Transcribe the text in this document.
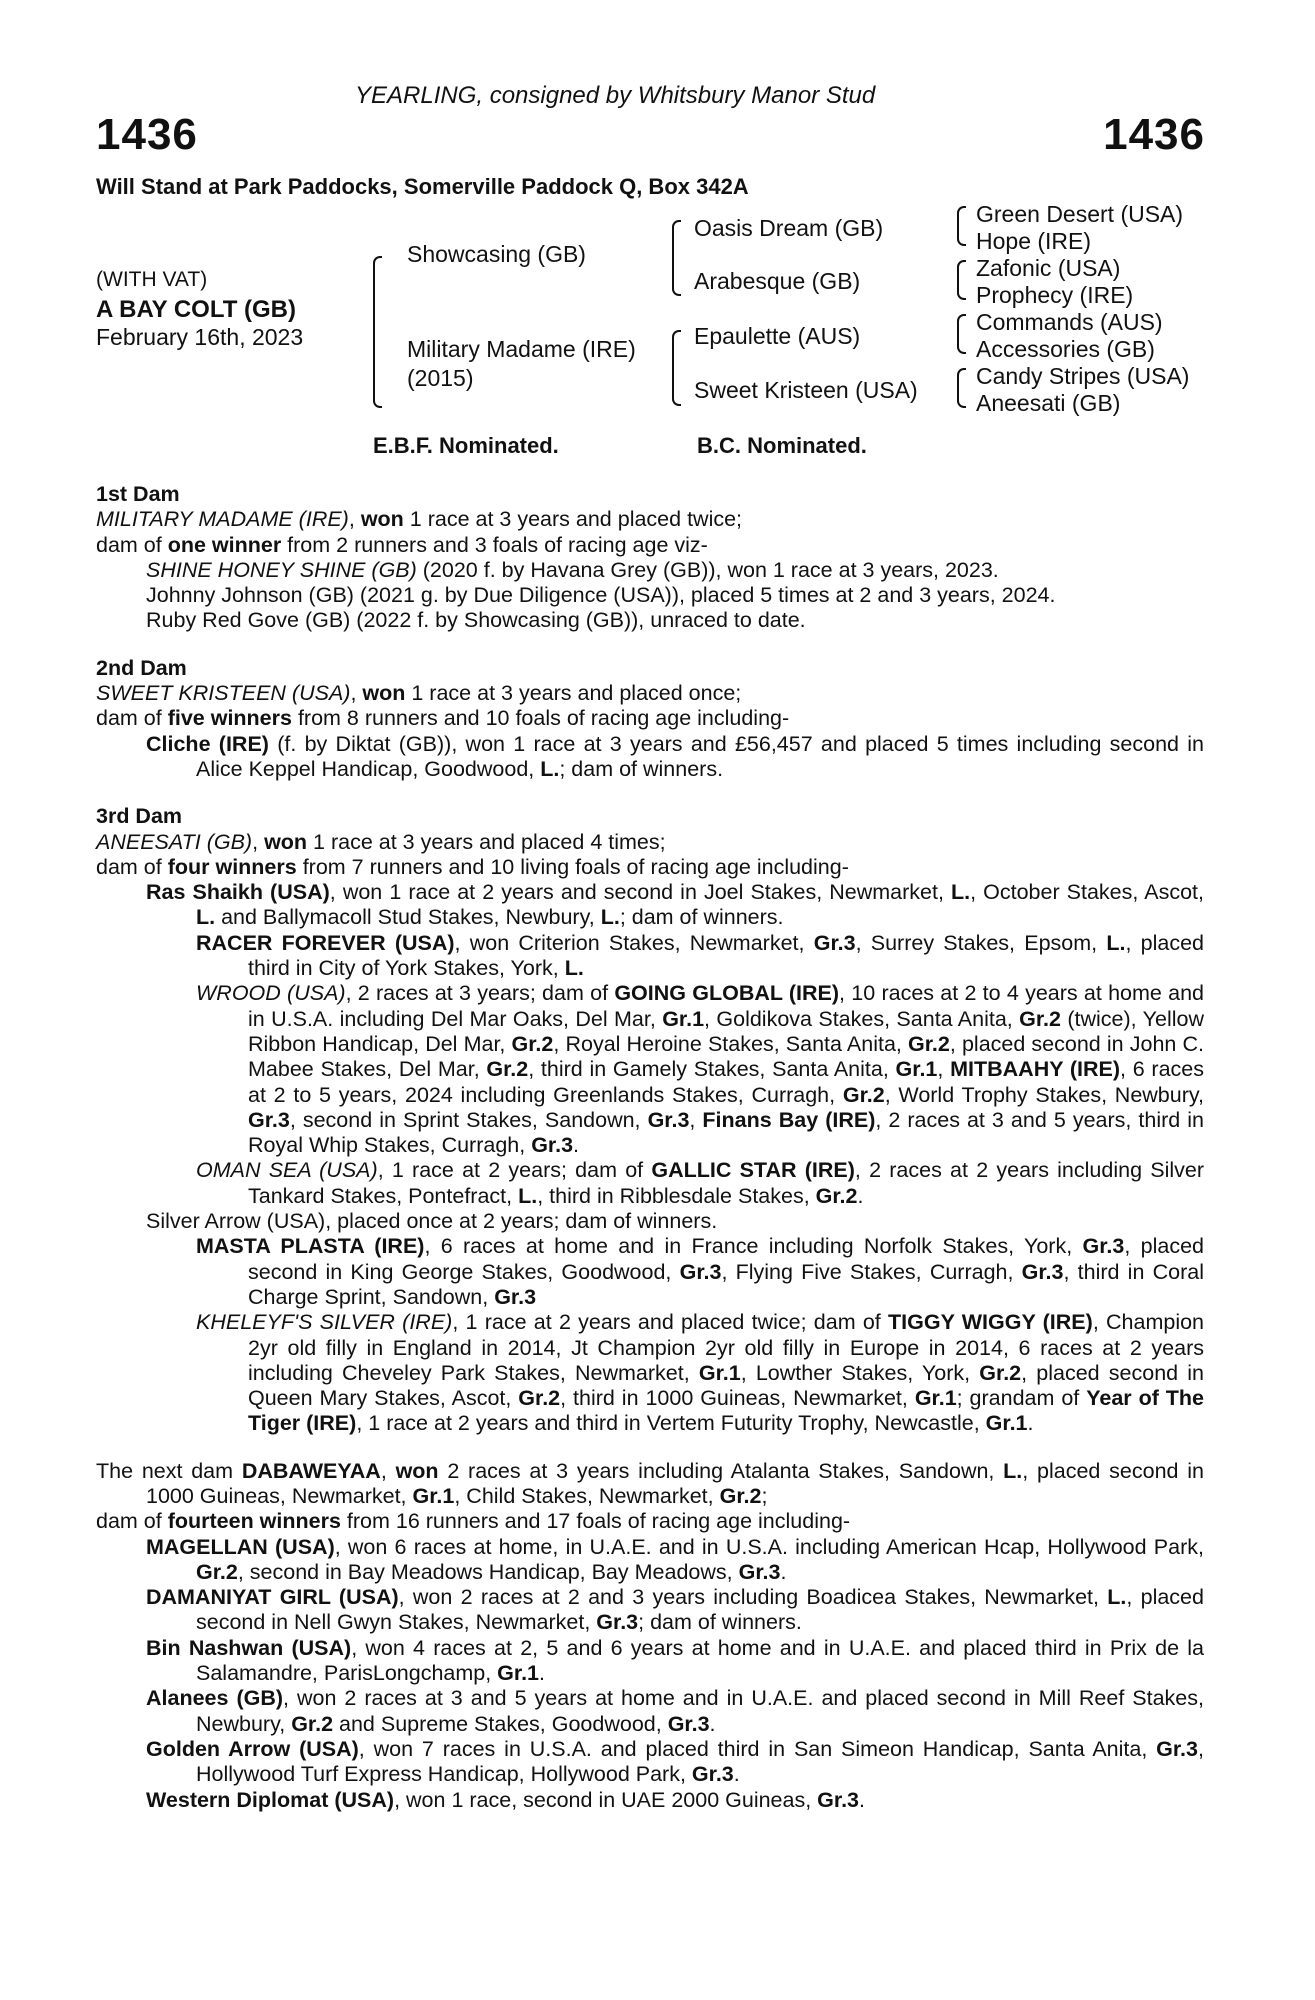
YEARLING, consigned by Whitsbury Manor Stud
1436	1436
Will Stand at Park Paddocks, Somerville Paddock Q, Box 342A
(WITH VAT)
A BAY COLT (GB)
February 16th, 2023
Showcasing (GB)
Military Madame (IRE)
(2015)
Oasis Dream (GB)
Arabesque (GB)
Epaulette (AUS)
Sweet Kristeen (USA)
Green Desert (USA)
Hope (IRE)
Zafonic (USA)
Prophecy (IRE)
Commands (AUS)
Accessories (GB)
Candy Stripes (USA)
Aneesati (GB)
E.B.F. Nominated.	B.C. Nominated.
1st Dam
MILITARY MADAME (IRE), won 1 race at 3 years and placed twice;
dam of one winner from 2 runners and 3 foals of racing age viz-
SHINE HONEY SHINE (GB) (2020 f. by Havana Grey (GB)), won 1 race at 3 years, 2023.
Johnny Johnson (GB) (2021 g. by Due Diligence (USA)), placed 5 times at 2 and 3 years, 2024.
Ruby Red Gove (GB) (2022 f. by Showcasing (GB)), unraced to date.
2nd Dam
SWEET KRISTEEN (USA), won 1 race at 3 years and placed once;
dam of five winners from 8 runners and 10 foals of racing age including-
Cliche (IRE) (f. by Diktat (GB)), won 1 race at 3 years and £56,457 and placed 5 times including second in Alice Keppel Handicap, Goodwood, L.; dam of winners.
3rd Dam
ANEESATI (GB), won 1 race at 3 years and placed 4 times;
dam of four winners from 7 runners and 10 living foals of racing age including-
Ras Shaikh (USA), won 1 race at 2 years and second in Joel Stakes, Newmarket, L., October Stakes, Ascot, L. and Ballymacoll Stud Stakes, Newbury, L.; dam of winners.
RACER FOREVER (USA), won Criterion Stakes, Newmarket, Gr.3, Surrey Stakes, Epsom, L., placed third in City of York Stakes, York, L.
WROOD (USA), 2 races at 3 years; dam of GOING GLOBAL (IRE), 10 races at 2 to 4 years at home and in U.S.A. including Del Mar Oaks, Del Mar, Gr.1, Goldikova Stakes, Santa Anita, Gr.2 (twice), Yellow Ribbon Handicap, Del Mar, Gr.2, Royal Heroine Stakes, Santa Anita, Gr.2, placed second in John C. Mabee Stakes, Del Mar, Gr.2, third in Gamely Stakes, Santa Anita, Gr.1, MITBAAHY (IRE), 6 races at 2 to 5 years, 2024 including Greenlands Stakes, Curragh, Gr.2, World Trophy Stakes, Newbury, Gr.3, second in Sprint Stakes, Sandown, Gr.3, Finans Bay (IRE), 2 races at 3 and 5 years, third in Royal Whip Stakes, Curragh, Gr.3.
OMAN SEA (USA), 1 race at 2 years; dam of GALLIC STAR (IRE), 2 races at 2 years including Silver Tankard Stakes, Pontefract, L., third in Ribblesdale Stakes, Gr.2.
Silver Arrow (USA), placed once at 2 years; dam of winners.
MASTA PLASTA (IRE), 6 races at home and in France including Norfolk Stakes, York, Gr.3, placed second in King George Stakes, Goodwood, Gr.3, Flying Five Stakes, Curragh, Gr.3, third in Coral Charge Sprint, Sandown, Gr.3
KHELEYF'S SILVER (IRE), 1 race at 2 years and placed twice; dam of TIGGY WIGGY (IRE), Champion 2yr old filly in England in 2014, Jt Champion 2yr old filly in Europe in 2014, 6 races at 2 years including Cheveley Park Stakes, Newmarket, Gr.1, Lowther Stakes, York, Gr.2, placed second in Queen Mary Stakes, Ascot, Gr.2, third in 1000 Guineas, Newmarket, Gr.1; grandam of Year of The Tiger (IRE), 1 race at 2 years and third in Vertem Futurity Trophy, Newcastle, Gr.1.
The next dam DABAWEYAA, won 2 races at 3 years including Atalanta Stakes, Sandown, L., placed second in 1000 Guineas, Newmarket, Gr.1, Child Stakes, Newmarket, Gr.2;
dam of fourteen winners from 16 runners and 17 foals of racing age including-
MAGELLAN (USA), won 6 races at home, in U.A.E. and in U.S.A. including American Hcap, Hollywood Park, Gr.2, second in Bay Meadows Handicap, Bay Meadows, Gr.3.
DAMANIYAT GIRL (USA), won 2 races at 2 and 3 years including Boadicea Stakes, Newmarket, L., placed second in Nell Gwyn Stakes, Newmarket, Gr.3; dam of winners.
Bin Nashwan (USA), won 4 races at 2, 5 and 6 years at home and in U.A.E. and placed third in Prix de la Salamandre, ParisLongchamp, Gr.1.
Alanees (GB), won 2 races at 3 and 5 years at home and in U.A.E. and placed second in Mill Reef Stakes, Newbury, Gr.2 and Supreme Stakes, Goodwood, Gr.3.
Golden Arrow (USA), won 7 races in U.S.A. and placed third in San Simeon Handicap, Santa Anita, Gr.3, Hollywood Turf Express Handicap, Hollywood Park, Gr.3.
Western Diplomat (USA), won 1 race, second in UAE 2000 Guineas, Gr.3.
